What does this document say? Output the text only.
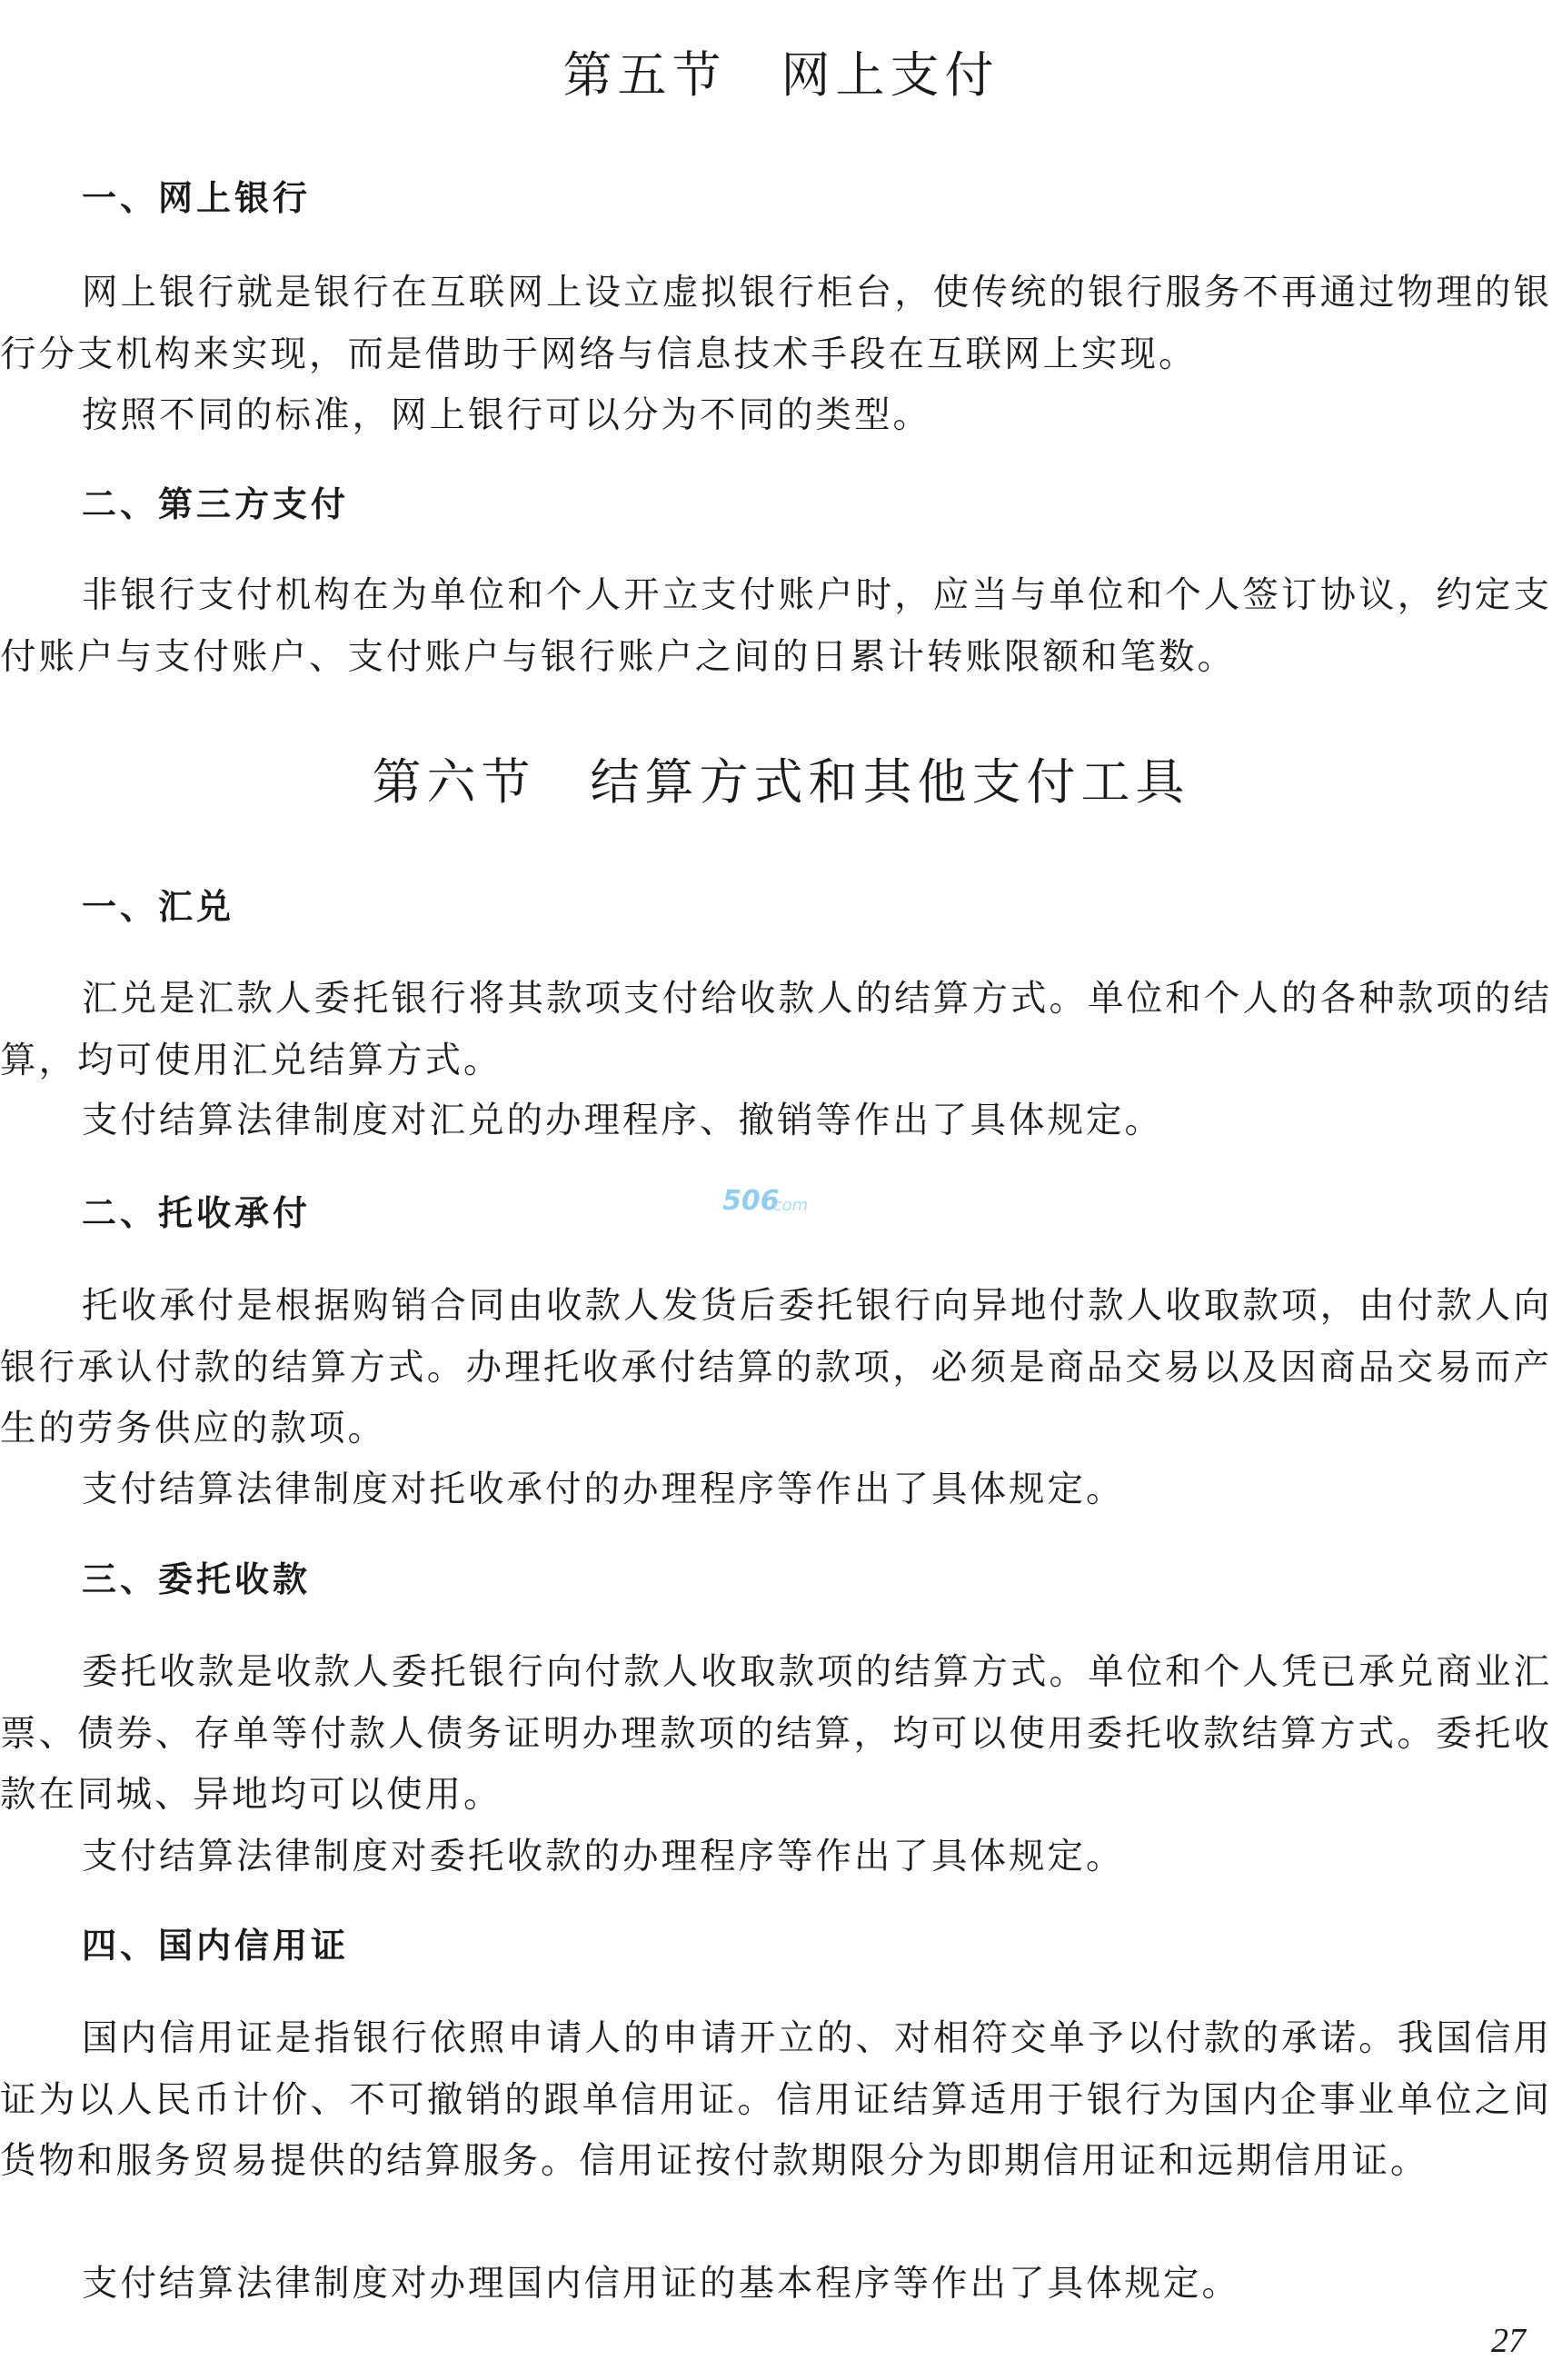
第五节 网上支付
一、网上银行

网上银行就是银行在互联网上设立虚拟银行柜台，使传统的银行服务不再通过物理的银行分支机构来实现，而是借助于网络与信息技术手段在互联网上实现。

按照不同的标准，网上银行可以分为不同的类型。

二、第三方支付

非银行支付机构在为单位和个人开立支付账户时，应当与单位和个人签订协议，约定支付账户与支付账户、支付账户与银行账户之间的日累计转账限额和笔数。

第六节 结算方式和其他支付工具
一、汇兑

汇兑是汇款人委托银行将其款项支付给收款人的结算方式。单位和个人的各种款项的结算，均可使用汇兑结算方式。

支付结算法律制度对汇兑的办理程序、撤销等作出了具体规定。

二、托收承付

托收承付是根据购销合同由收款人发货后委托银行向异地付款人收取款项，由付款人向银行承认付款的结算方式。办理托收承付结算的款项，必须是商品交易以及因商品交易而产生的劳务供应的款项。

支付结算法律制度对托收承付的办理程序等作出了具体规定。

三、委托收款

委托收款是收款人委托银行向付款人收取款项的结算方式。单位和个人凭已承兑商业汇票、债券、存单等付款人债务证明办理款项的结算，均可以使用委托收款结算方式。委托收款在同城、异地均可以使用。

支付结算法律制度对委托收款的办理程序等作出了具体规定。

四、国内信用证

国内信用证是指银行依照申请人的申请开立的、对相符交单予以付款的承诺。我国信用证为以人民币计价、不可撤销的跟单信用证。信用证结算适用于银行为国内企事业单位之间货物和服务贸易提供的结算服务。信用证按付款期限分为即期信用证和远期信用证。

支付结算法律制度对办理国内信用证的基本程序等作出了具体规定。

506
.com
27
